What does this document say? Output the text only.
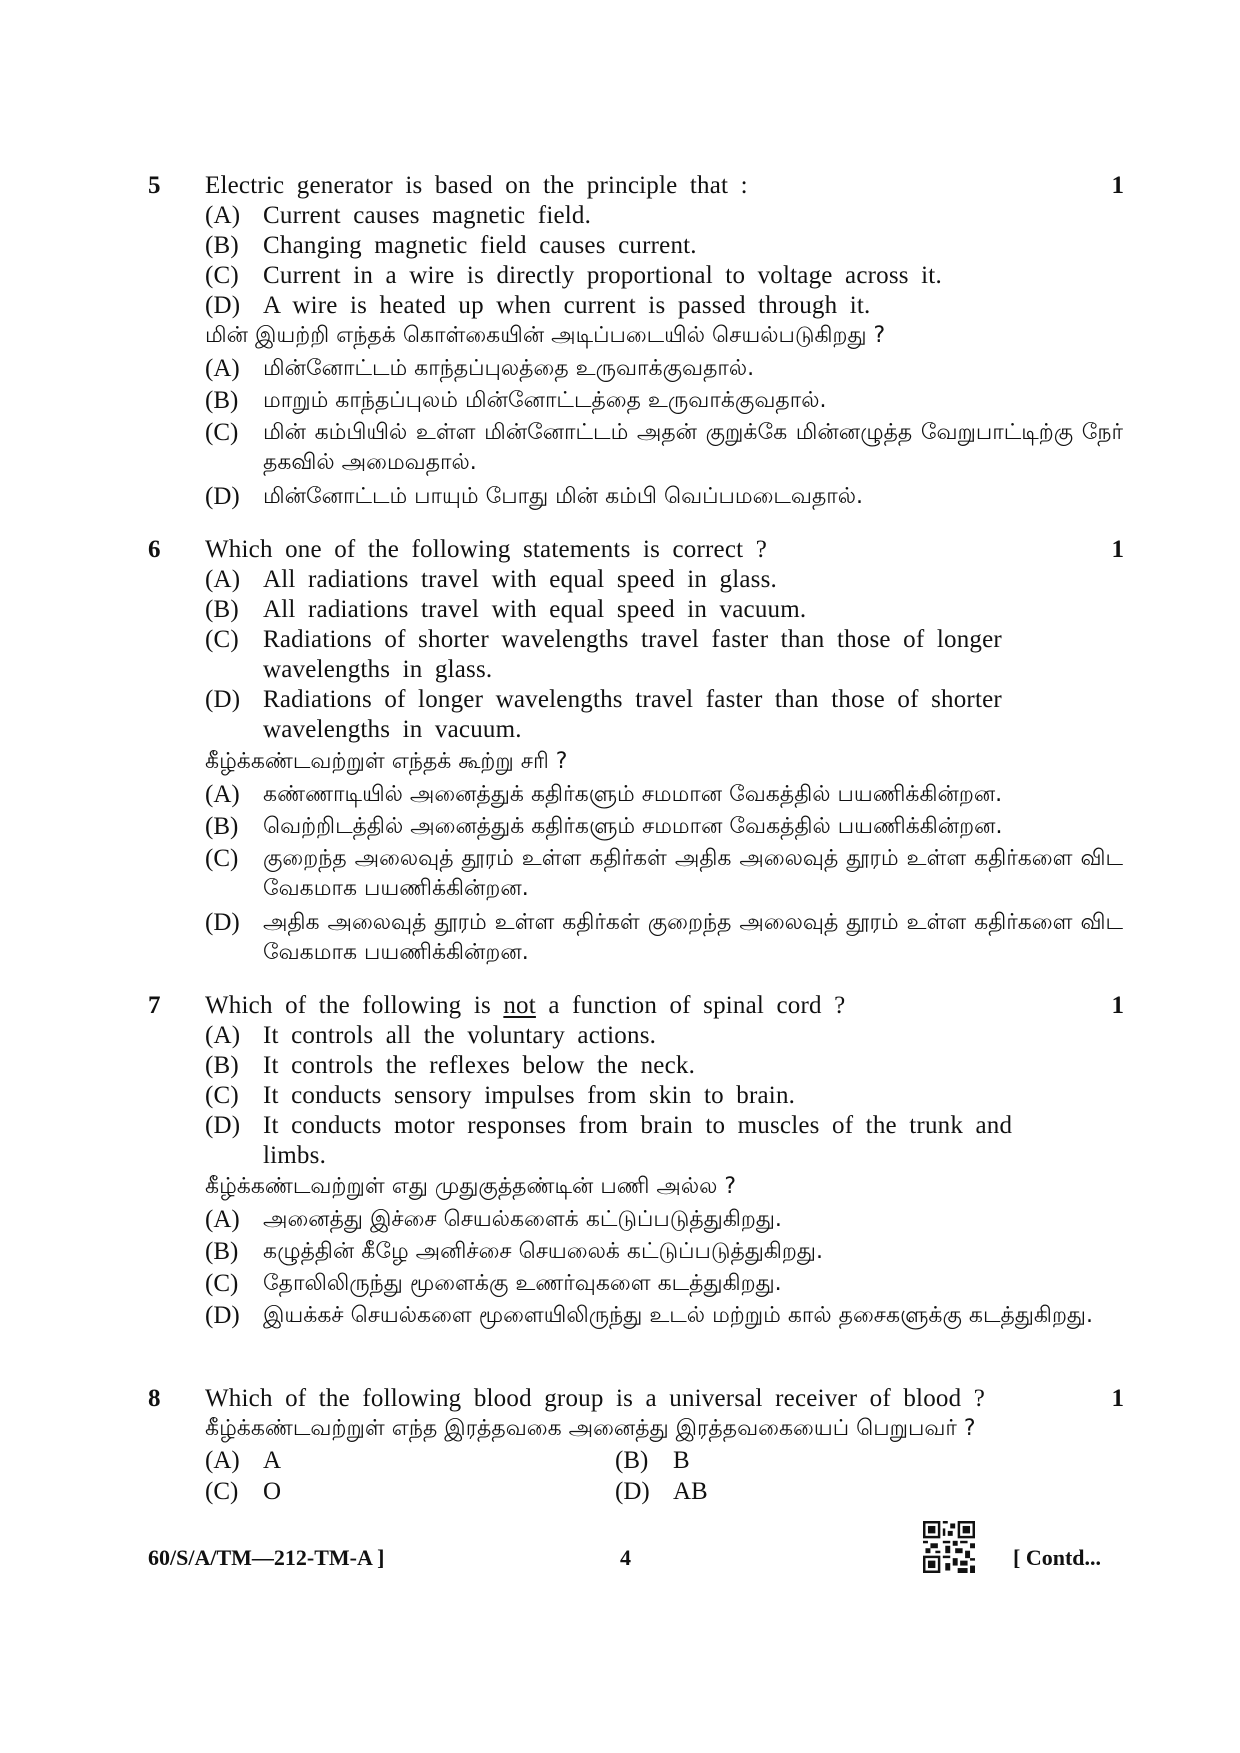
5	1
Electric generator is based on the principle that :
(A) Current causes magnetic field.
(B) Changing magnetic field causes current.
(C) Current in a wire is directly proportional to voltage across it.
(D) A wire is heated up when current is passed through it.
மின் இயற்றி எந்தக் கொள்கையின் அடிப்படையில் செயல்படுகிறது ?
(A) மின்னோட்டம் காந்தப்புலத்தை உருவாக்குவதால்.
(B) மாறும் காந்தப்புலம் மின்னோட்டத்தை உருவாக்குவதால்.
(C) மின் கம்பியில் உள்ள மின்னோட்டம் அதன் குறுக்கே மின்னழுத்த வேறுபாட்டிற்கு நேர் தகவில் அமைவதால்.
(D) மின்னோட்டம் பாயும் போது மின் கம்பி வெப்பமடைவதால்.
6	1
Which one of the following statements is correct ?
(A) All radiations travel with equal speed in glass.
(B) All radiations travel with equal speed in vacuum.
(C) Radiations of shorter wavelengths travel faster than those of longer wavelengths in glass.
(D) Radiations of longer wavelengths travel faster than those of shorter wavelengths in vacuum.
கீழ்க்கண்டவற்றுள் எந்தக் கூற்று சரி ?
(A) கண்ணாடியில் அனைத்துக் கதிர்களும் சமமான வேகத்தில் பயணிக்கின்றன.
(B) வெற்றிடத்தில் அனைத்துக் கதிர்களும் சமமான வேகத்தில் பயணிக்கின்றன.
(C) குறைந்த அலைவுத் தூரம் உள்ள கதிர்கள் அதிக அலைவுத் தூரம் உள்ள கதிர்களை விட வேகமாக பயணிக்கின்றன.
(D) அதிக அலைவுத் தூரம் உள்ள கதிர்கள் குறைந்த அலைவுத் தூரம் உள்ள கதிர்களை விட வேகமாக பயணிக்கின்றன.
7	1
Which of the following is not a function of spinal cord ?
(A) It controls all the voluntary actions.
(B) It controls the reflexes below the neck.
(C) It conducts sensory impulses from skin to brain.
(D) It conducts motor responses from brain to muscles of the trunk and limbs.
கீழ்க்கண்டவற்றுள் எது முதுகுத்தண்டின் பணி அல்ல ?
(A) அனைத்து இச்சை செயல்களைக் கட்டுப்படுத்துகிறது.
(B) கழுத்தின் கீழே அனிச்சை செயலைக் கட்டுப்படுத்துகிறது.
(C) தோலிலிருந்து மூளைக்கு உணர்வுகளை கடத்துகிறது.
(D) இயக்கச் செயல்களை மூளையிலிருந்து உடல் மற்றும் கால் தசைகளுக்கு கடத்துகிறது.
8	1
Which of the following blood group is a universal receiver of blood ?
கீழ்க்கண்டவற்றுள் எந்த இரத்தவகை அனைத்து இரத்தவகையைப் பெறுபவர் ?
(A) A	(B) B
(C) O	(D) AB
60/S/A/TM—212-TM-A ]	4	[ Contd...
